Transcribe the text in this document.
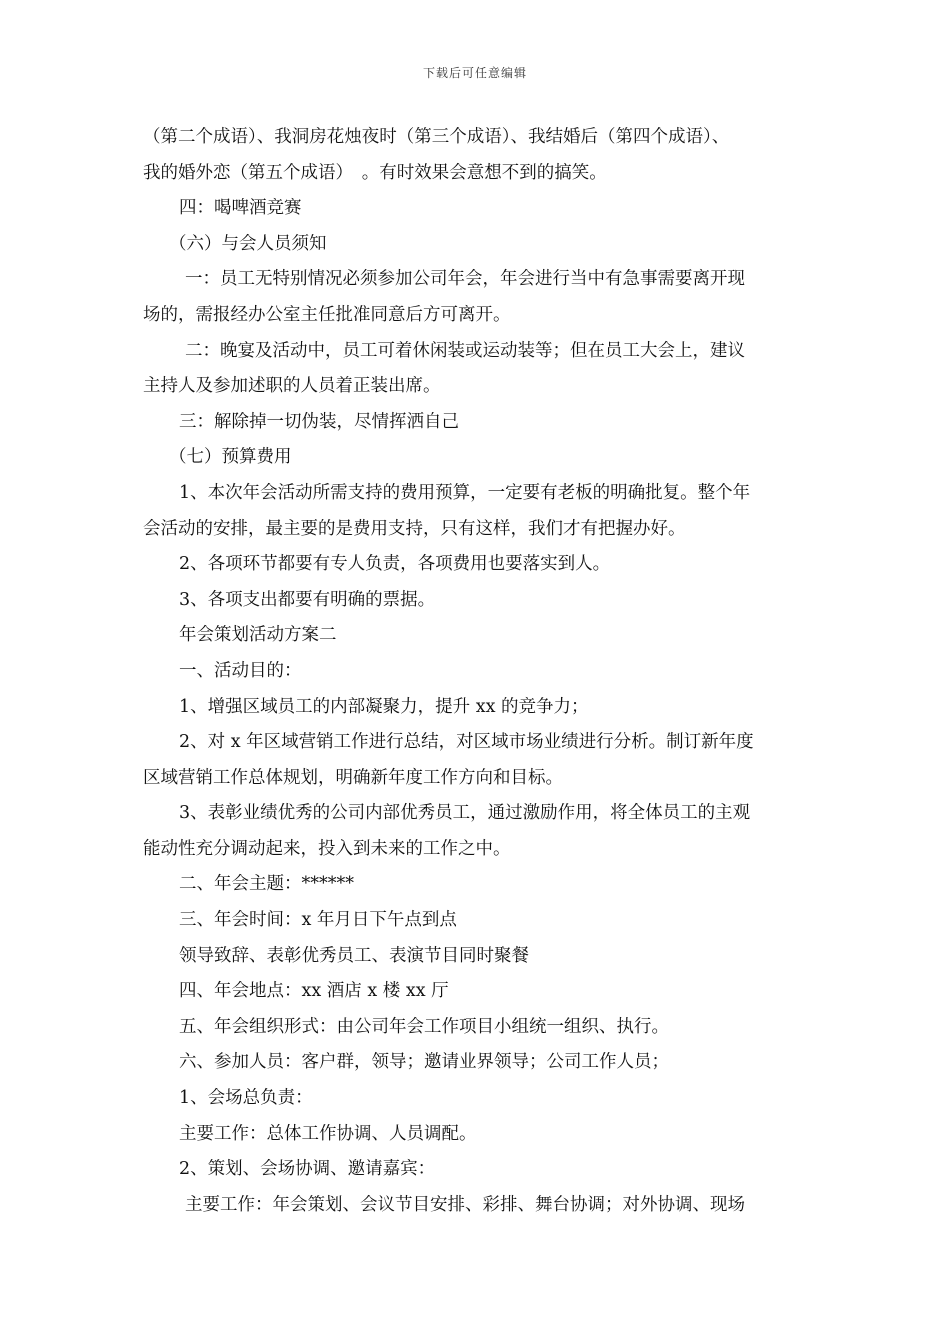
下载后可任意编辑
（第二个成语）、我洞房花烛夜时（第三个成语）、我结婚后（第四个成语）、
我的婚外恋（第五个成语）　。有时效果会意想不到的搞笑。
四：喝啤酒竞赛
（六）与会人员须知
一：员工无特别情况必须参加公司年会，年会进行当中有急事需要离开现
场的，需报经办公室主任批准同意后方可离开。
二：晚宴及活动中，员工可着休闲装或运动装等；但在员工大会上，建议
主持人及参加述职的人员着正装出席。
三：解除掉一切伪装，尽情挥洒自己
（七）预算费用
1、本次年会活动所需支持的费用预算，一定要有老板的明确批复。整个年
会活动的安排，最主要的是费用支持，只有这样，我们才有把握办好。
2、各项环节都要有专人负责，各项费用也要落实到人。
3、各项支出都要有明确的票据。
年会策划活动方案二
一、活动目的：
1、增强区域员工的内部凝聚力，提升 xx 的竞争力；
2、对 x 年区域营销工作进行总结，对区域市场业绩进行分析。制订新年度
区域营销工作总体规划，明确新年度工作方向和目标。
3、表彰业绩优秀的公司内部优秀员工，通过激励作用，将全体员工的主观
能动性充分调动起来，投入到未来的工作之中。
二、年会主题：******
三、年会时间：x 年月日下午点到点
领导致辞、表彰优秀员工、表演节目同时聚餐
四、年会地点：xx 酒店 x 楼 xx 厅
五、年会组织形式：由公司年会工作项目小组统一组织、执行。
六、参加人员：客户群，领导；邀请业界领导；公司工作人员；
1、会场总负责：
主要工作：总体工作协调、人员调配。
2、策划、会场协调、邀请嘉宾：
主要工作：年会策划、会议节目安排、彩排、舞台协调；对外协调、现场
